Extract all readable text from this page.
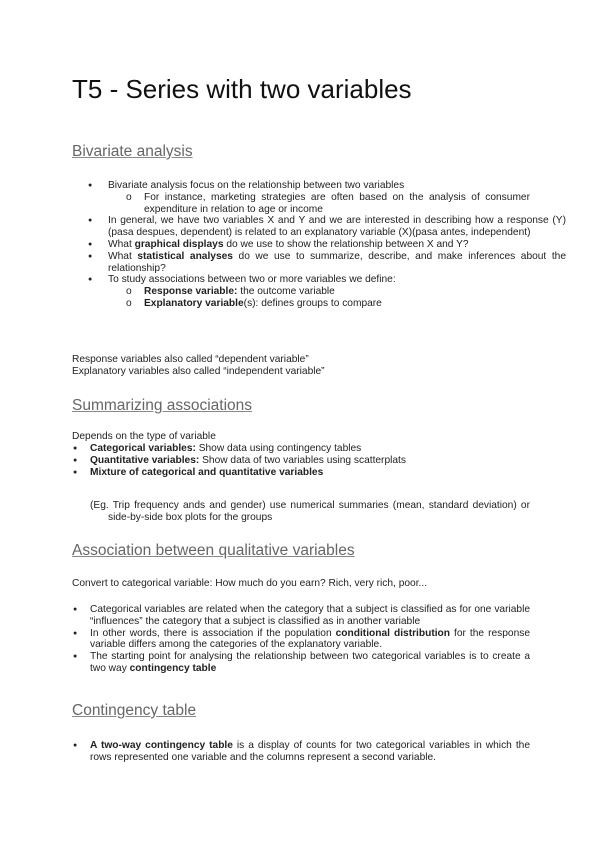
T5 - Series with two variables
Bivariate analysis
● Bivariate analysis focus on the relationship between two variables
o For instance, marketing strategies are often based on the analysis of consumer expenditure in relation to age or income
● In general, we have two variables X and Y and we are interested in describing how a response (Y) (pasa despues, dependent) is related to an explanatory variable (X)(pasa antes, independent)
● What graphical displays do we use to show the relationship between X and Y?
● What statistical analyses do we use to summarize, describe, and make inferences about the relationship?
● To study associations between two or more variables we define:
o Response variable: the outcome variable
o Explanatory variable(s): defines groups to compare

Response variables also called “dependent variable”

Explanatory variables also called “independent variable”

Summarizing associations

Depends on the type of variable

● Categorical variables: Show data using contingency tables
● Quantitative variables: Show data of two variables using scatterplats
● Mixture of categorical and quantitative variables

(Eg. Trip frequency ands and gender) use numerical summaries (mean, standard deviation) or side-by-side box plots for the groups

Association between qualitative variables

Convert to categorical variable: How much do you earn? Rich, very rich, poor...

● Categorical variables are related when the category that a subject is classified as for one variable “influences” the category that a subject is classified as in another variable
● In other words, there is association if the population conditional distribution for the response variable differs among the categories of the explanatory variable.
● The starting point for analysing the relationship between two categorical variables is to create a two way contingency table
Contingency table
● A two-way contingency table is a display of counts for two categorical variables in which the rows represented one variable and the columns represent a second variable.
